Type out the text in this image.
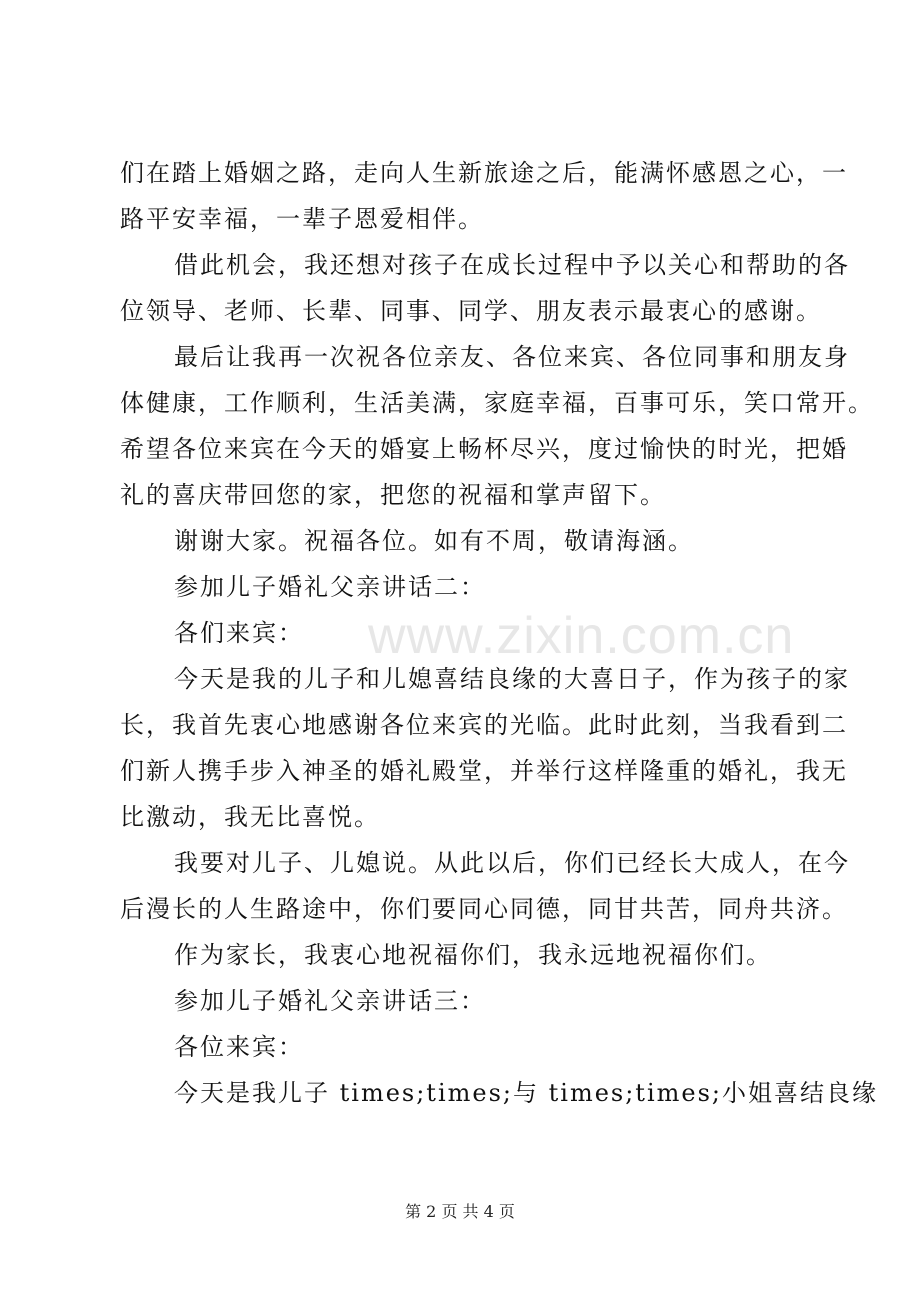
们在踏上婚姻之路，走向人生新旅途之后，能满怀感恩之心，一
路平安幸福，一辈子恩爱相伴。
借此机会，我还想对孩子在成长过程中予以关心和帮助的各
位领导、老师、长辈、同事、同学、朋友表示最衷心的感谢。
最后让我再一次祝各位亲友、各位来宾、各位同事和朋友身
体健康，工作顺利，生活美满，家庭幸福，百事可乐，笑口常开。
希望各位来宾在今天的婚宴上畅杯尽兴，度过愉快的时光，把婚
礼的喜庆带回您的家，把您的祝福和掌声留下。
谢谢大家。祝福各位。如有不周，敬请海涵。
参加儿子婚礼父亲讲话二：
各们来宾：
今天是我的儿子和儿媳喜结良缘的大喜日子，作为孩子的家
长，我首先衷心地感谢各位来宾的光临。此时此刻，当我看到二
们新人携手步入神圣的婚礼殿堂，并举行这样隆重的婚礼，我无
比激动，我无比喜悦。
我要对儿子、儿媳说。从此以后，你们已经长大成人，在今
后漫长的人生路途中，你们要同心同德，同甘共苦，同舟共济。
作为家长，我衷心地祝福你们，我永远地祝福你们。
参加儿子婚礼父亲讲话三：
各位来宾：
今天是我儿子 times;times;与 times;times;小姐喜结良缘
www.zixin.com.cn
第 2 页 共 4 页
